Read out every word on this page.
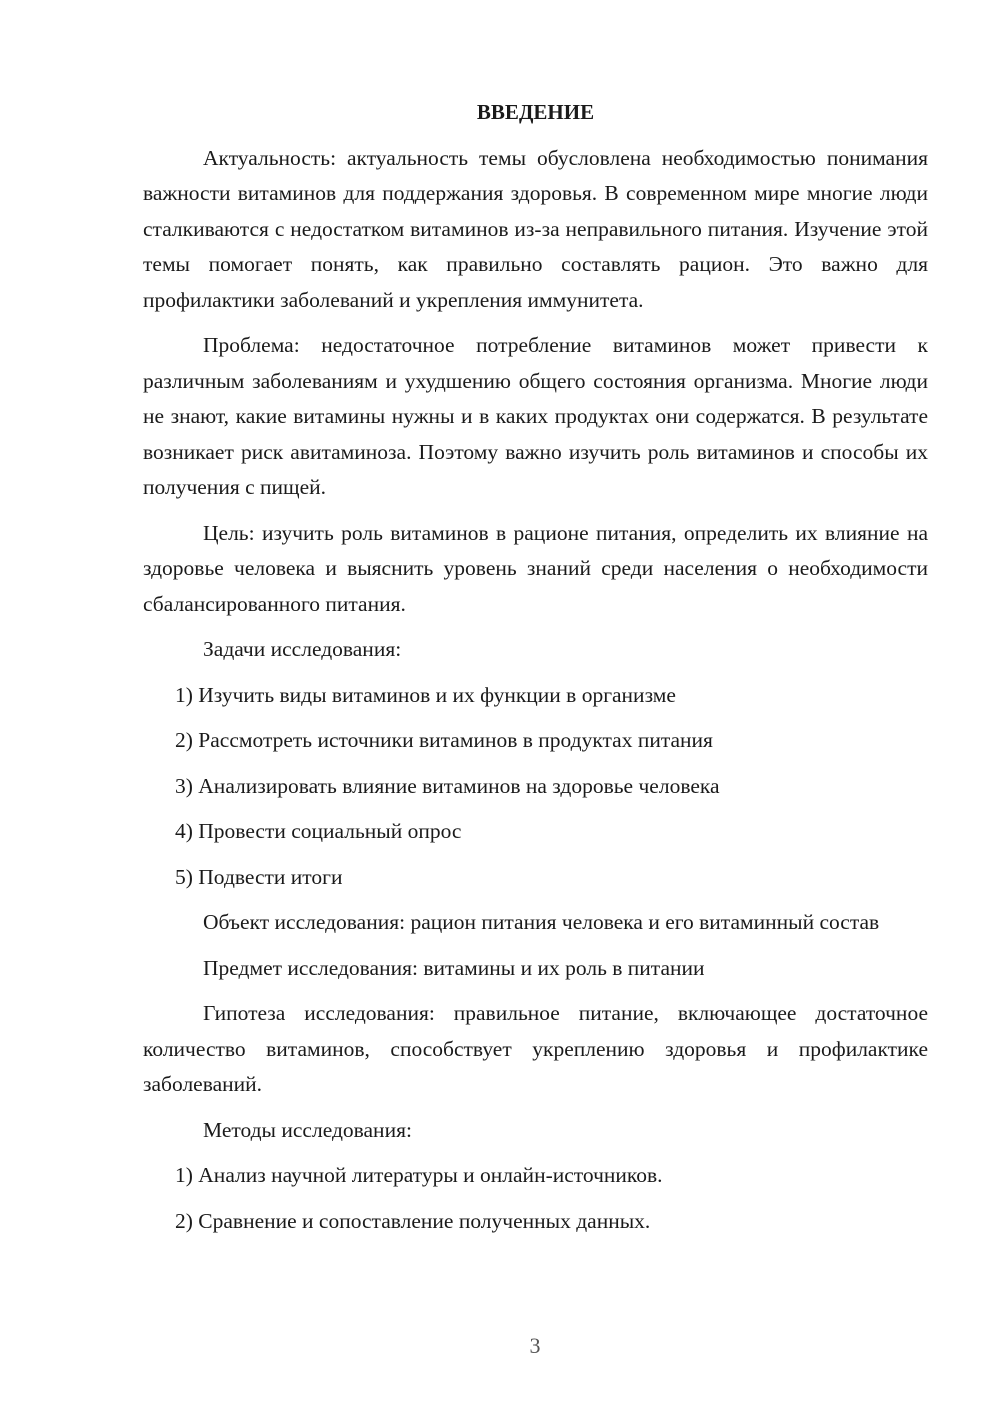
ВВЕДЕНИЕ

Актуальность: актуальность темы обусловлена необходимостью понимания важности витаминов для поддержания здоровья. В современном мире многие люди сталкиваются с недостатком витаминов из-за неправильного питания. Изучение этой темы помогает понять, как правильно составлять рацион. Это важно для профилактики заболеваний и укрепления иммунитета.

Проблема: недостаточное потребление витаминов может привести к различным заболеваниям и ухудшению общего состояния организма. Многие люди не знают, какие витамины нужны и в каких продуктах они содержатся. В результате возникает риск авитаминоза. Поэтому важно изучить роль витаминов и способы их получения с пищей.

Цель: изучить роль витаминов в рационе питания, определить их влияние на здоровье человека и выяснить уровень знаний среди населения о необходимости сбалансированного питания.

Задачи исследования:

1) Изучить виды витаминов и их функции в организме

2) Рассмотреть источники витаминов в продуктах питания

3) Анализировать влияние витаминов на здоровье человека

4) Провести социальный опрос

5) Подвести итоги

Объект исследования: рацион питания человека и его витаминный состав

Предмет исследования: витамины и их роль в питании

Гипотеза исследования: правильное питание, включающее достаточное количество витаминов, способствует укреплению здоровья и профилактике заболеваний.

Методы исследования:

1) Анализ научной литературы и онлайн-источников.

2) Сравнение и сопоставление полученных данных.

3
